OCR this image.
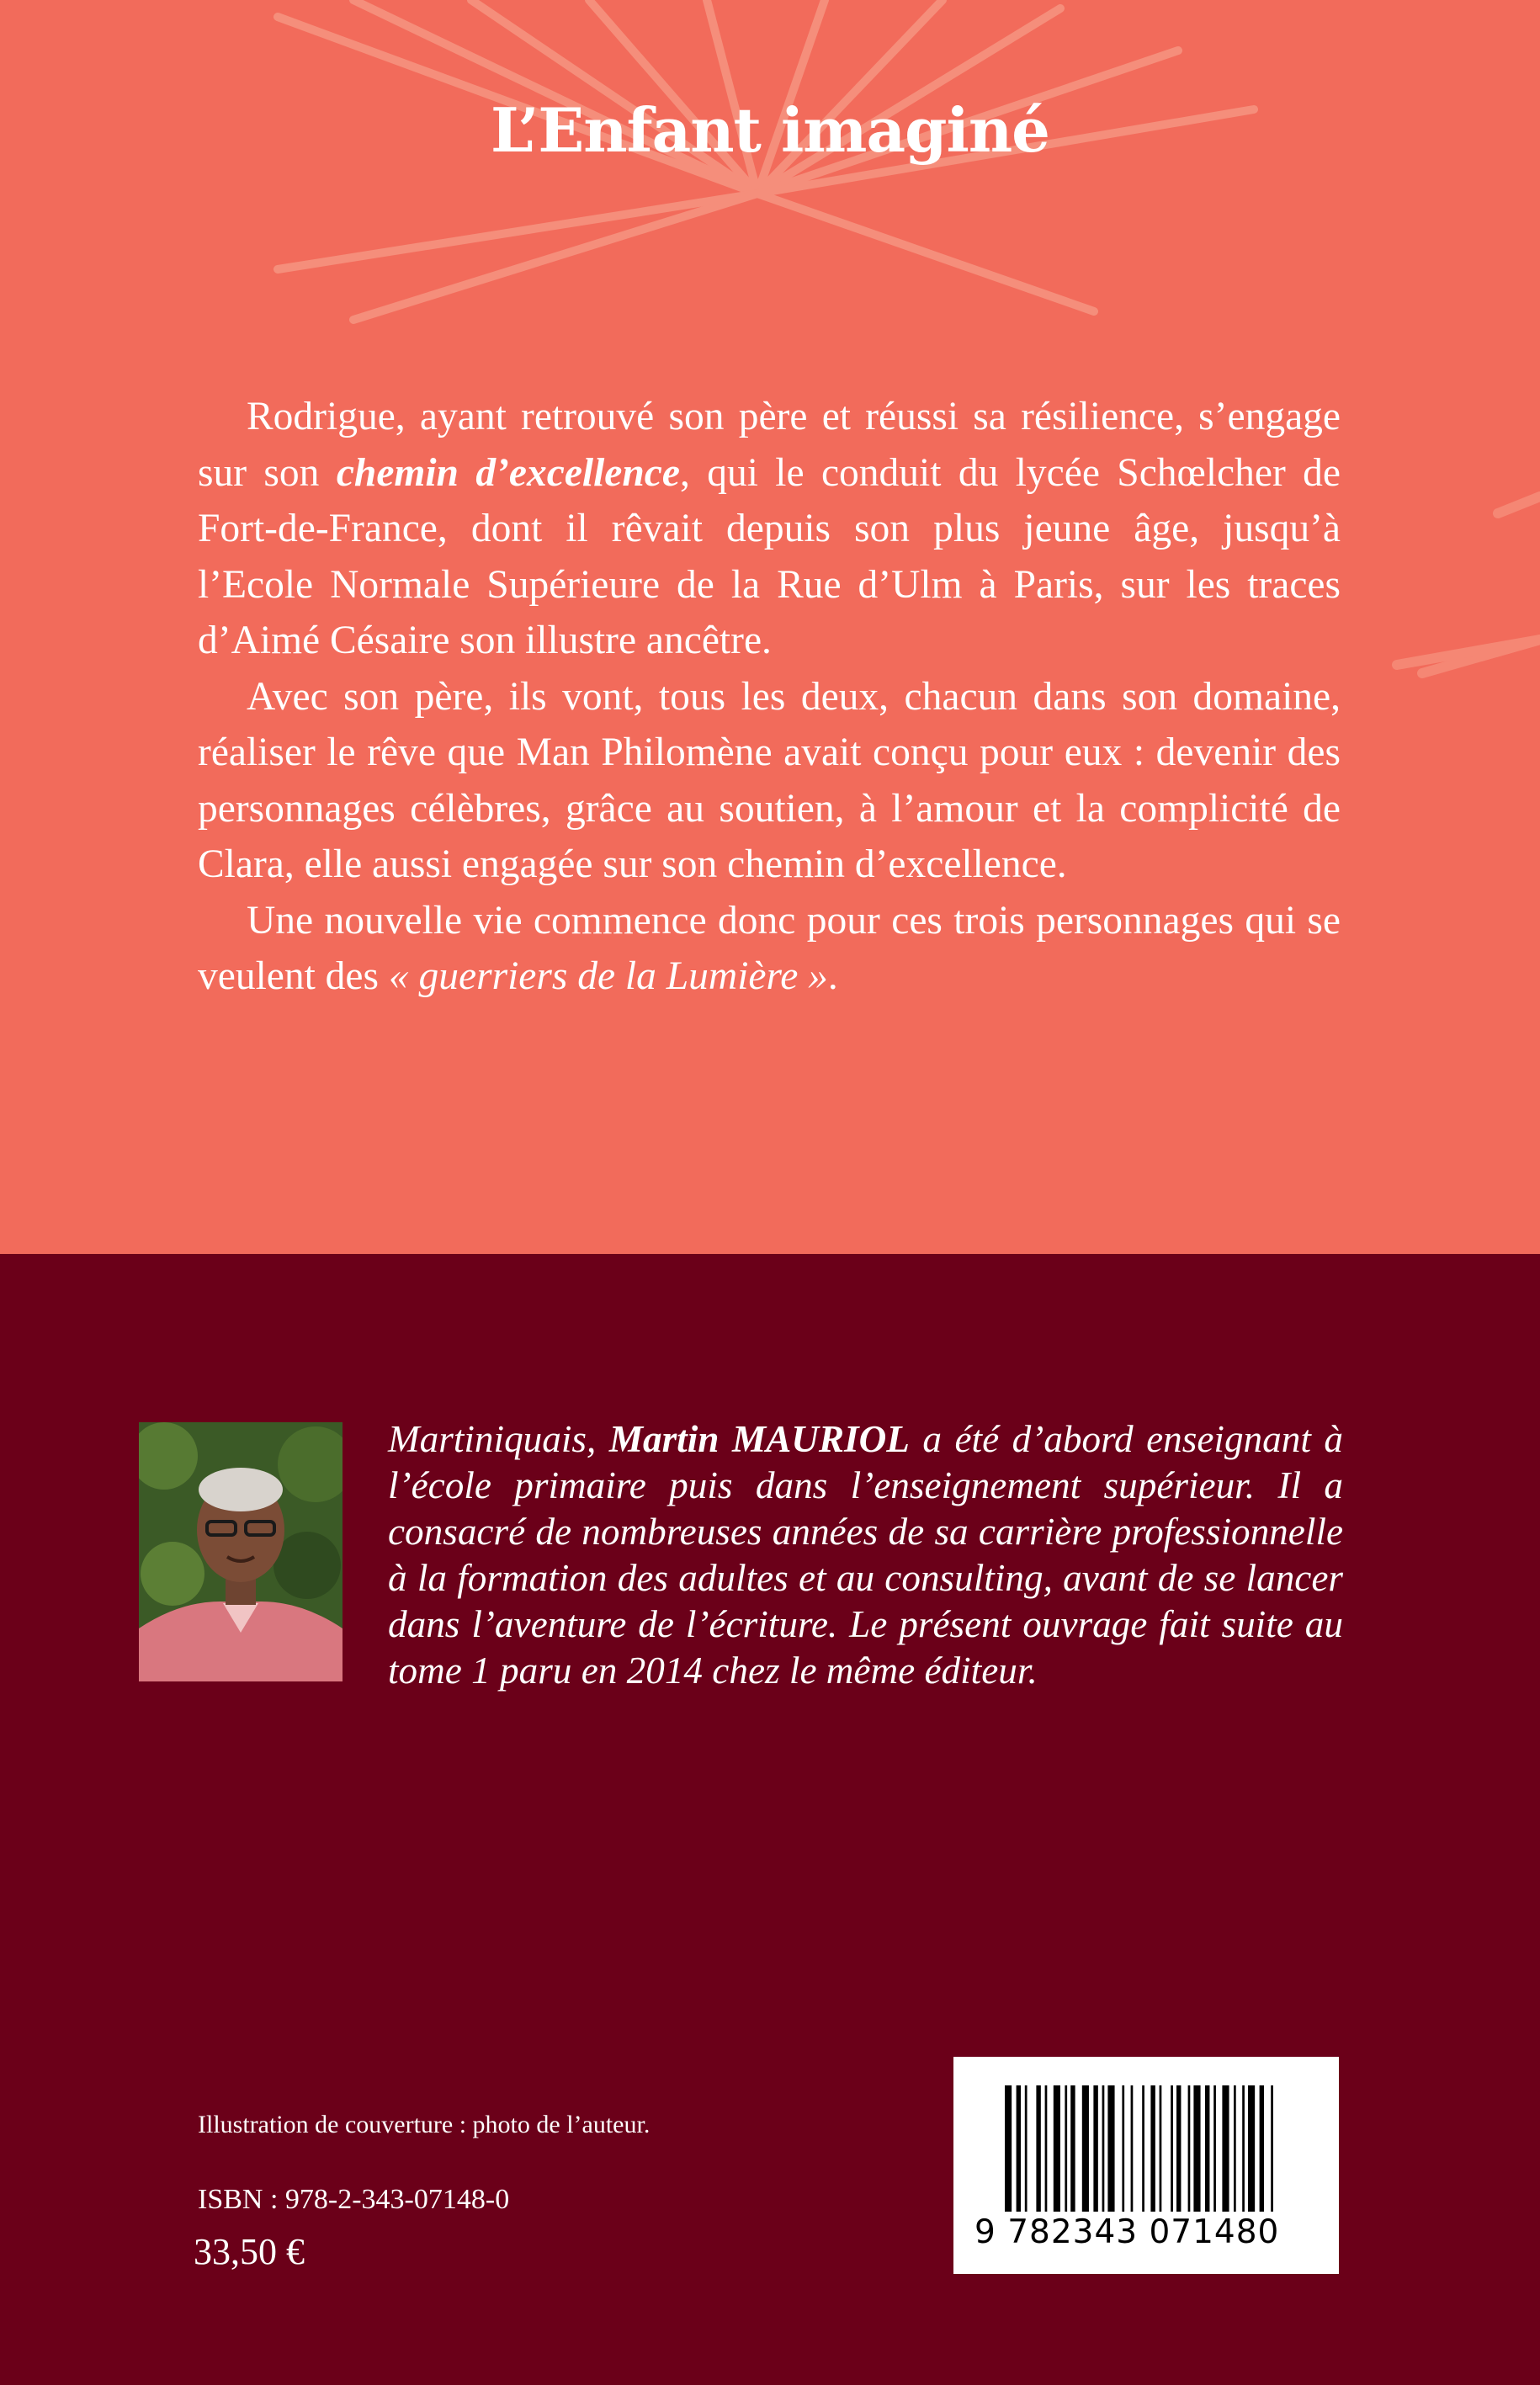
L’Enfant imaginé

Rodrigue, ayant retrouvé son père et réussi sa résilience, s’engage sur son chemin d’excellence, qui le conduit du lycée Schœlcher de Fort-de-France, dont il rêvait depuis son plus jeune âge, jusqu’à l’Ecole Normale Supérieure de la Rue d’Ulm à Paris, sur les traces d’Aimé Césaire son illustre ancêtre.

Avec son père, ils vont, tous les deux, chacun dans son domaine, réaliser le rêve que Man Philomène avait conçu pour eux : devenir des personnages célèbres, grâce au soutien, à l’amour et la complicité de Clara, elle aussi engagée sur son chemin d’excellence.

Une nouvelle vie commence donc pour ces trois personnages qui se veulent des « guerriers de la Lumière ».

Martiniquais, Martin MAURIOL a été d’abord enseignant à l’école primaire puis dans l’enseignement supérieur. Il a consacré de nombreuses années de sa carrière professionnelle à la formation des adultes et au consulting, avant de se lancer dans l’aventure de l’écriture. Le présent ouvrage fait suite au tome 1 paru en 2014 chez le même éditeur.
Illustration de couverture : photo de l’auteur.
ISBN : 978-2-343-07148-0
33,50 €	9 782343 071480
